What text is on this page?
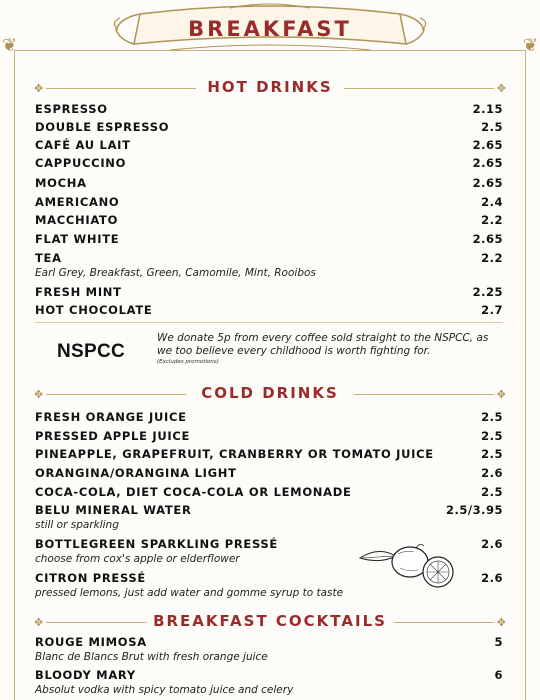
❦	❦
BREAKFAST
✥	HOT DRINKS	✥
ESPRESSO	2.15
DOUBLE ESPRESSO	2.5
CAFÉ AU LAIT	2.65
CAPPUCCINO	2.65
MOCHA	2.65
AMERICANO	2.4
MACCHIATO	2.2
FLAT WHITE	2.65
TEA	2.2
Earl Grey, Breakfast, Green, Camomile, Mint, Rooibos
FRESH MINT	2.25
HOT CHOCOLATE	2.7
NSPCC
We donate 5p from every coffee sold straight to the NSPCC, as we too believe every childhood is worth fighting for.
(Excludes promotions)
✥	COLD DRINKS	✥
FRESH ORANGE JUICE	2.5
PRESSED APPLE JUICE	2.5
PINEAPPLE, GRAPEFRUIT, CRANBERRY OR TOMATO JUICE	2.5
ORANGINA/ORANGINA LIGHT	2.6
COCA-COLA, DIET COCA-COLA OR LEMONADE	2.5
BELU MINERAL WATER	2.5/3.95
still or sparkling
BOTTLEGREEN SPARKLING PRESSÉ	2.6
choose from cox's apple or elderflower
CITRON PRESSÉ	2.6
pressed lemons, just add water and gomme syrup to taste
✥	BREAKFAST COCKTAILS	✥
ROUGE MIMOSA	5
Blanc de Blancs Brut with fresh orange juice
BLOODY MARY	6
Absolut vodka with spicy tomato juice and celery
